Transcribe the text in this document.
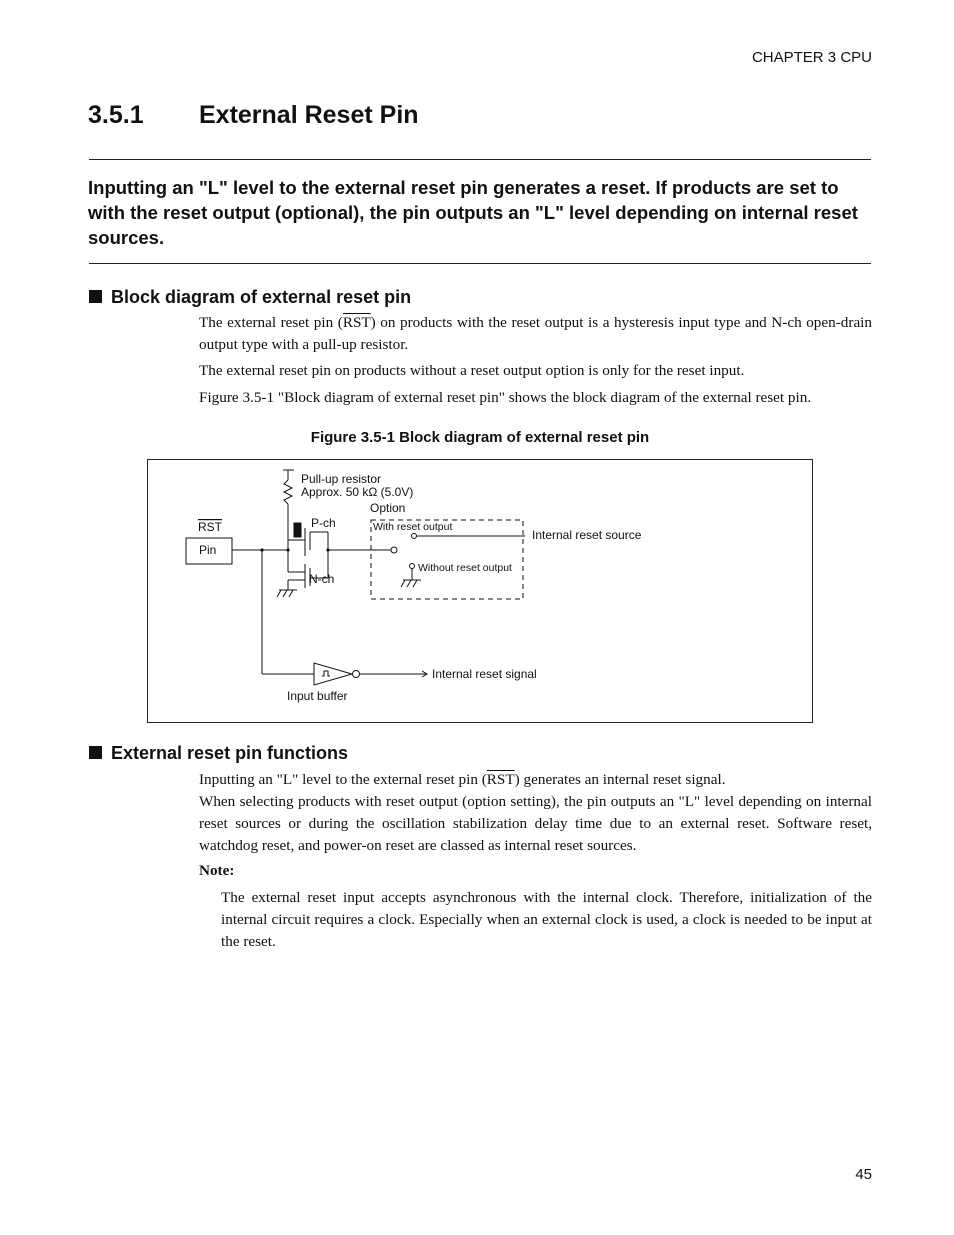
CHAPTER 3 CPU
3.5.1 External Reset Pin
Inputting an "L" level to the external reset pin generates a reset. If products are set to with the reset output (optional), the pin outputs an "L" level depending on internal reset sources.
Block diagram of external reset pin
The external reset pin $(\overline{RST})$ on products with the reset output is a hysteresis input type and N-ch open-drain output type with a pull-up resistor.
The external reset pin on products without a reset output option is only for the reset input.
Figure 3.5-1 "Block diagram of external reset pin" shows the block diagram of the external reset pin.
Figure 3.5-1 Block diagram of external reset pin
Pull-up resistor
Approx. 50 kΩ (5.0V)
Option
P-ch
N-ch
RST
Pin
With reset output
Without reset output
Internal reset source
Internal reset signal
Input buffer
External reset pin functions
Inputting an "L" level to the external reset pin $(\overline{RST})$ generates an internal reset signal.
When selecting products with reset output (option setting), the pin outputs an "L" level depending on internal reset sources or during the oscillation stabilization delay time due to an external reset. Software reset, watchdog reset, and power-on reset are classed as internal reset sources.
Note:
The external reset input accepts asynchronous with the internal clock. Therefore, initialization of the internal circuit requires a clock. Especially when an external clock is used, a clock is needed to be input at the reset.
45
